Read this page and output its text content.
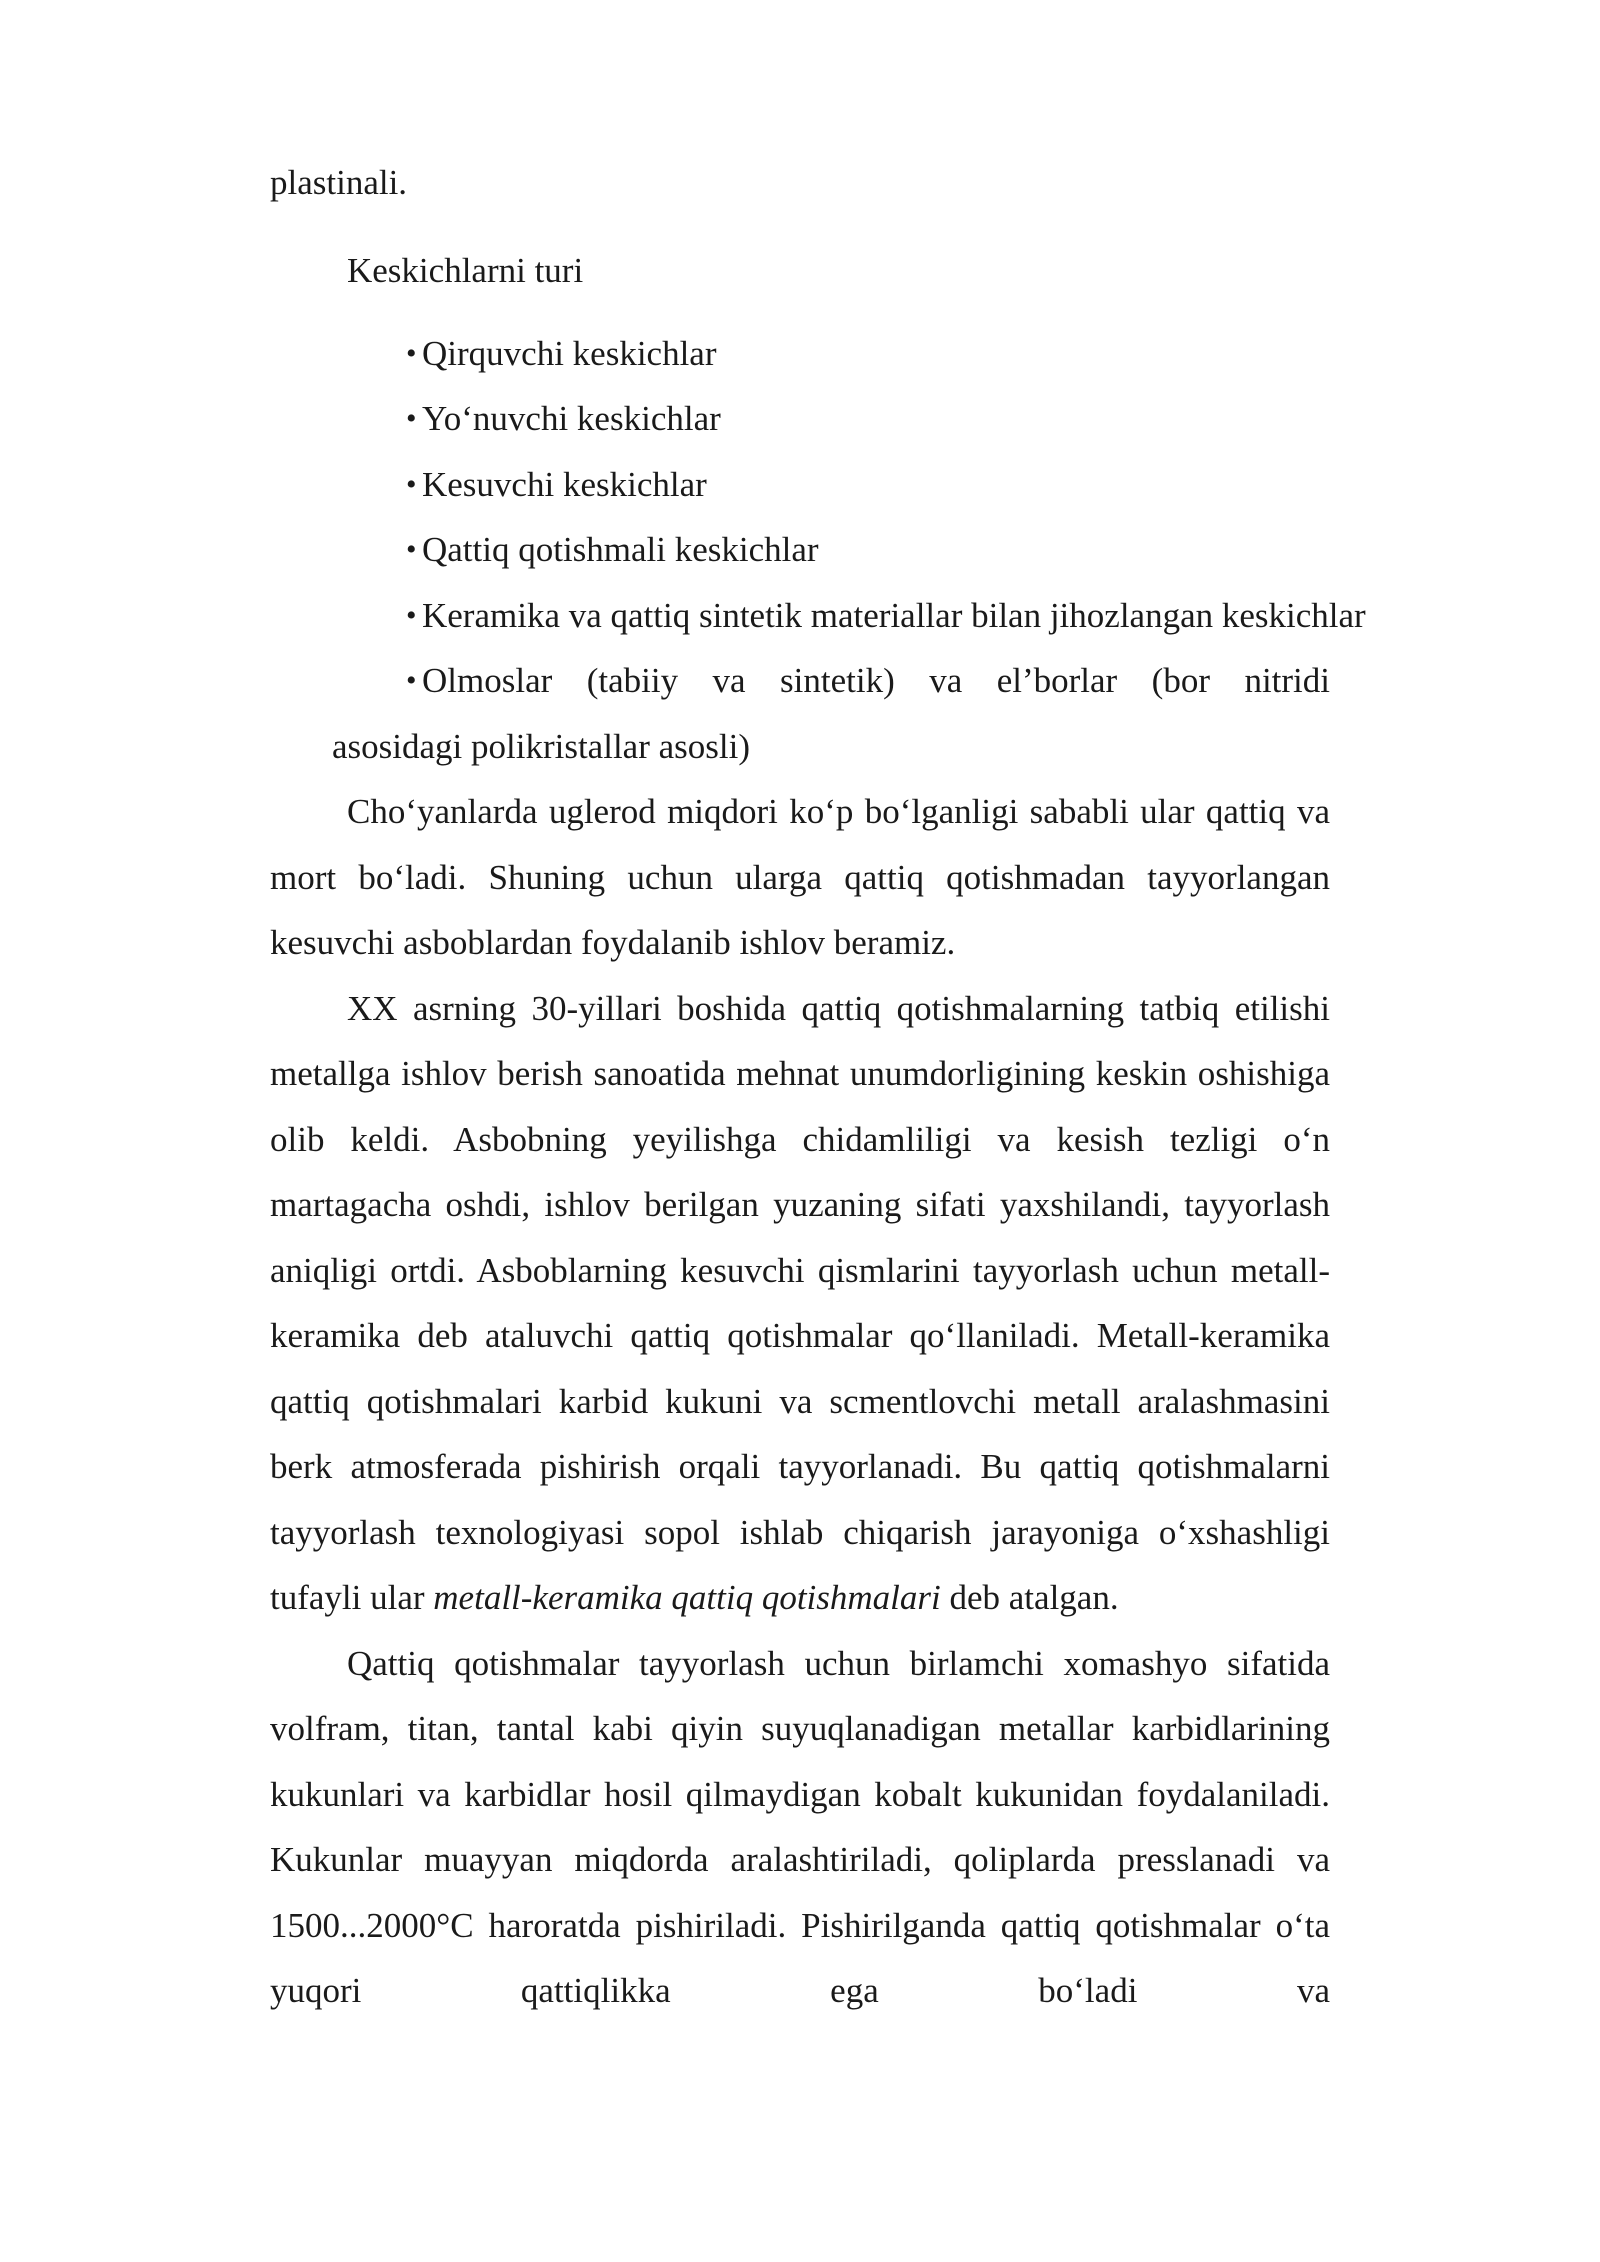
plastinali.

Keskichlarni turi

• Qirquvchi keskichlar
• Yo‘nuvchi keskichlar
• Kesuvchi keskichlar
• Qattiq qotishmali keskichlar
• Keramika va qattiq sintetik materiallar bilan jihozlangan keskichlar
• Olmoslar (tabiiy va sintetik) va el’borlar (bor nitridi

asosidagi polikristallar asosli)

Cho‘yanlarda uglerod miqdori ko‘p bo‘lganligi sababli ular qattiq va mort bo‘ladi. Shuning uchun ularga qattiq qotishmadan tayyorlangan kesuvchi asboblardan foydalanib ishlov beramiz.

XX asrning 30-yillari boshida qattiq qotishmalarning tatbiq etilishi metallga ishlov berish sanoatida mehnat unumdorligining keskin oshishiga olib keldi. Asbobning yeyilishga chidamliligi va kesish tezligi o‘n martagacha oshdi, ishlov berilgan yuzaning sifati yaxshilandi, tayyorlash aniqligi ortdi. Asboblarning kesuvchi qismlarini tayyorlash uchun metall-keramika deb ataluvchi qattiq qotishmalar qo‘llaniladi. Metall-keramika qattiq qotishmalari karbid kukuni va scmentlovchi metall aralashmasini berk atmosferada pishirish orqali tayyorlanadi. Bu qattiq qotishmalarni tayyorlash texnologiyasi sopol ishlab chiqarish jarayoniga o‘xshashligi tufayli ular metall-keramika qattiq qotishmalari deb atalgan.

Qattiq qotishmalar tayyorlash uchun birlamchi xomashyo sifatida volfram, titan, tantal kabi qiyin suyuqlanadigan metallar karbidlarining kukunlari va karbidlar hosil qilmaydigan kobalt kukunidan foydalaniladi. Kukunlar muayyan miqdorda aralashtiriladi, qoliplarda presslanadi va 1500...2000°C haroratda pishiriladi. Pishirilganda qattiq qotishmalar o‘ta yuqori qattiqlikka ega bo‘ladi va
